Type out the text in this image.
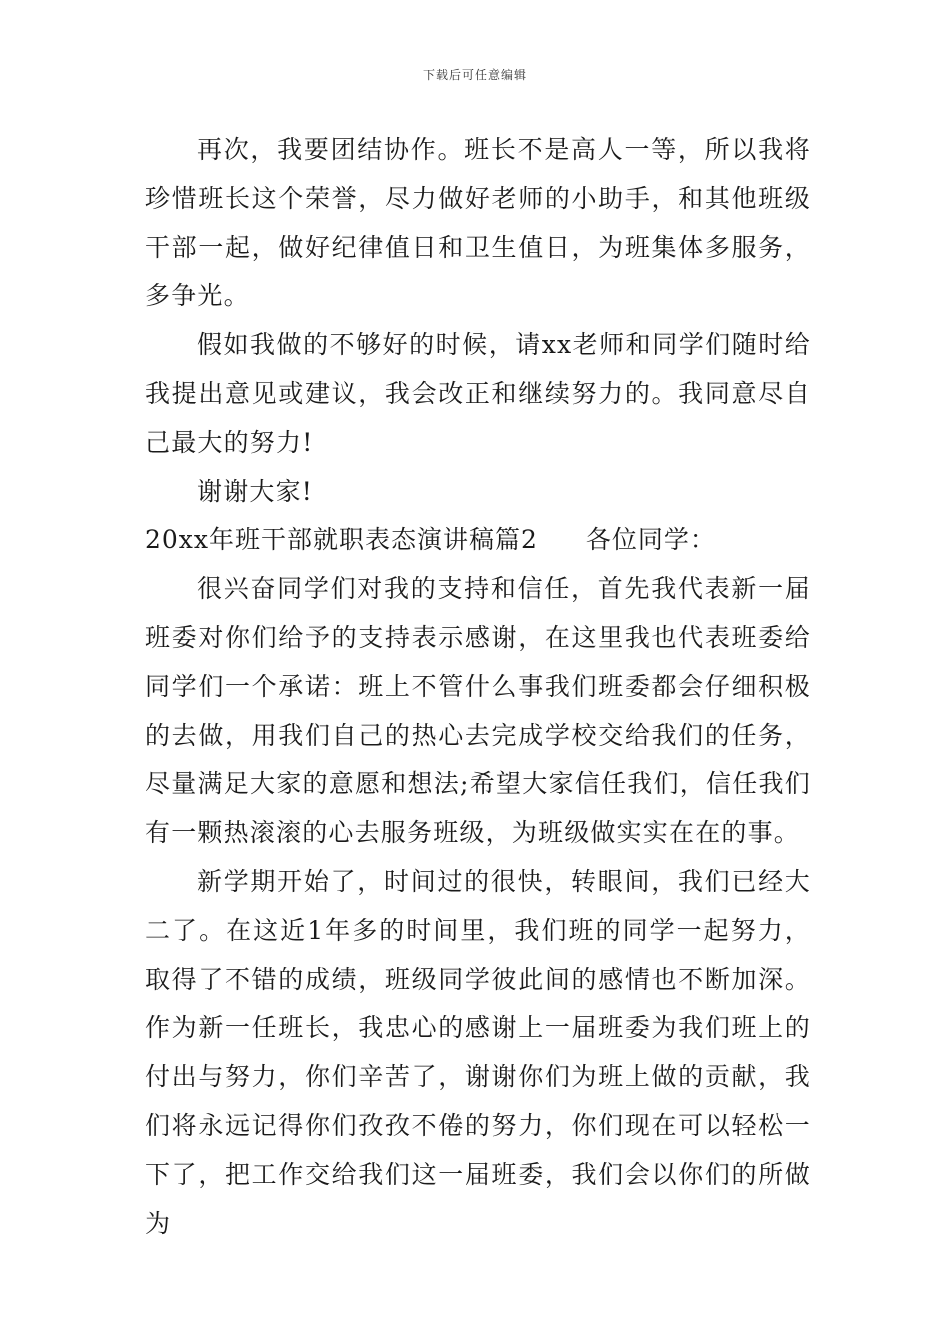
下载后可任意编辑

再次，我要团结协作。班长不是高人一等，所以我将珍惜班长这个荣誉，尽力做好老师的小助手，和其他班级干部一起，做好纪律值日和卫生值日，为班集体多服务，多争光。

假如我做的不够好的时候，请xx老师和同学们随时给我提出意见或建议，我会改正和继续努力的。我同意尽自己最大的努力!

谢谢大家!

20xx年班干部就职表态演讲稿篇2 各位同学：

很兴奋同学们对我的支持和信任，首先我代表新一届班委对你们给予的支持表示感谢，在这里我也代表班委给同学们一个承诺：班上不管什么事我们班委都会仔细积极的去做，用我们自己的热心去完成学校交给我们的任务，尽量满足大家的意愿和想法;希望大家信任我们，信任我们有一颗热滚滚的心去服务班级，为班级做实实在在的事。

新学期开始了，时间过的很快，转眼间，我们已经大二了。在这近1年多的时间里，我们班的同学一起努力，取得了不错的成绩，班级同学彼此间的感情也不断加深。作为新一任班长，我忠心的感谢上一届班委为我们班上的付出与努力，你们辛苦了，谢谢你们为班上做的贡献，我们将永远记得你们孜孜不倦的努力，你们现在可以轻松一下了，把工作交给我们这一届班委，我们会以你们的所做为
